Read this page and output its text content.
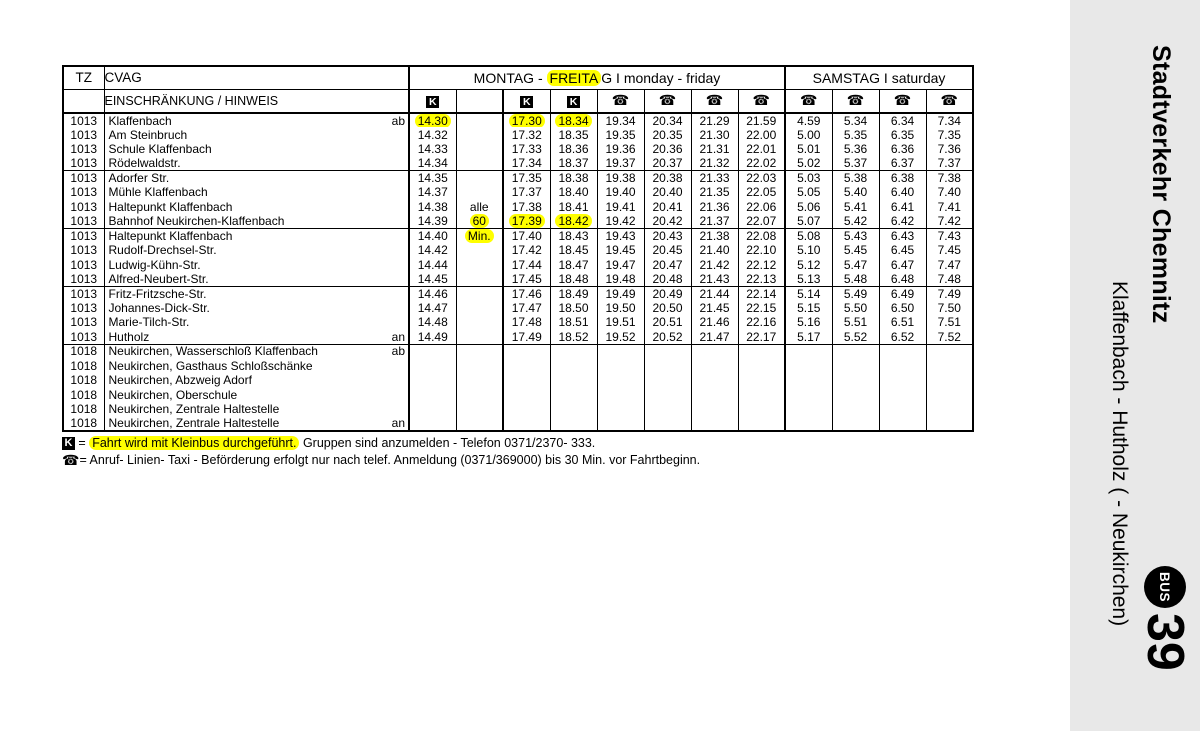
TZ	CVAG	MONTAG - FREITA G I monday - friday								SAMSTAG I saturday			
	EINSCHRÄNKUNG / HINWEIS	K		K	K	☎	☎	☎	☎	☎	☎	☎	☎
1013	Klaffenbach ab	14.30		17.30	18.34	19.34	20.34	21.29	21.59	4.59	5.34	6.34	7.34
1013	Am Steinbruch	14.32		17.32	18.35	19.35	20.35	21.30	22.00	5.00	5.35	6.35	7.35
1013	Schule Klaffenbach	14.33		17.33	18.36	19.36	20.36	21.31	22.01	5.01	5.36	6.36	7.36
1013	Rödelwaldstr.	14.34		17.34	18.37	19.37	20.37	21.32	22.02	5.02	5.37	6.37	7.37
1013	Adorfer Str.	14.35		17.35	18.38	19.38	20.38	21.33	22.03	5.03	5.38	6.38	7.38
1013	Mühle Klaffenbach	14.37		17.37	18.40	19.40	20.40	21.35	22.05	5.05	5.40	6.40	7.40
1013	Haltepunkt Klaffenbach	14.38	alle	17.38	18.41	19.41	20.41	21.36	22.06	5.06	5.41	6.41	7.41
1013	Bahnhof Neukirchen-Klaffenbach	14.39	60	17.39	18.42	19.42	20.42	21.37	22.07	5.07	5.42	6.42	7.42
1013	Haltepunkt Klaffenbach	14.40	Min.	17.40	18.43	19.43	20.43	21.38	22.08	5.08	5.43	6.43	7.43
1013	Rudolf-Drechsel-Str.	14.42		17.42	18.45	19.45	20.45	21.40	22.10	5.10	5.45	6.45	7.45
1013	Ludwig-Kühn-Str.	14.44		17.44	18.47	19.47	20.47	21.42	22.12	5.12	5.47	6.47	7.47
1013	Alfred-Neubert-Str.	14.45		17.45	18.48	19.48	20.48	21.43	22.13	5.13	5.48	6.48	7.48
1013	Fritz-Fritzsche-Str.	14.46		17.46	18.49	19.49	20.49	21.44	22.14	5.14	5.49	6.49	7.49
1013	Johannes-Dick-Str.	14.47		17.47	18.50	19.50	20.50	21.45	22.15	5.15	5.50	6.50	7.50
1013	Marie-Tilch-Str.	14.48		17.48	18.51	19.51	20.51	21.46	22.16	5.16	5.51	6.51	7.51
1013	Hutholz an	14.49		17.49	18.52	19.52	20.52	21.47	22.17	5.17	5.52	6.52	7.52
1018	Neukirchen, Wasserschloß Klaffenbach ab												

1018	Neukirchen, Gasthaus Schloßschänke												

1018	Neukirchen, Abzweig Adorf												

1018	Neukirchen, Oberschule												

1018	Neukirchen, Zentrale Haltestelle												

1018	Neukirchen, Zentrale Haltestelle an												

K = Fahrt wird mit Kleinbus durchgeführt. Gruppen sind anzumelden - Telefon 0371/2370- 333.
☎= Anruf- Linien- Taxi - Beförderung erfolgt nur nach telef. Anmeldung (0371/369000) bis 30 Min. vor Fahrtbeginn.
Stadtverkehr Chemnitz
Klaffenbach - Hutholz ( - Neukirchen)	BUS
39
